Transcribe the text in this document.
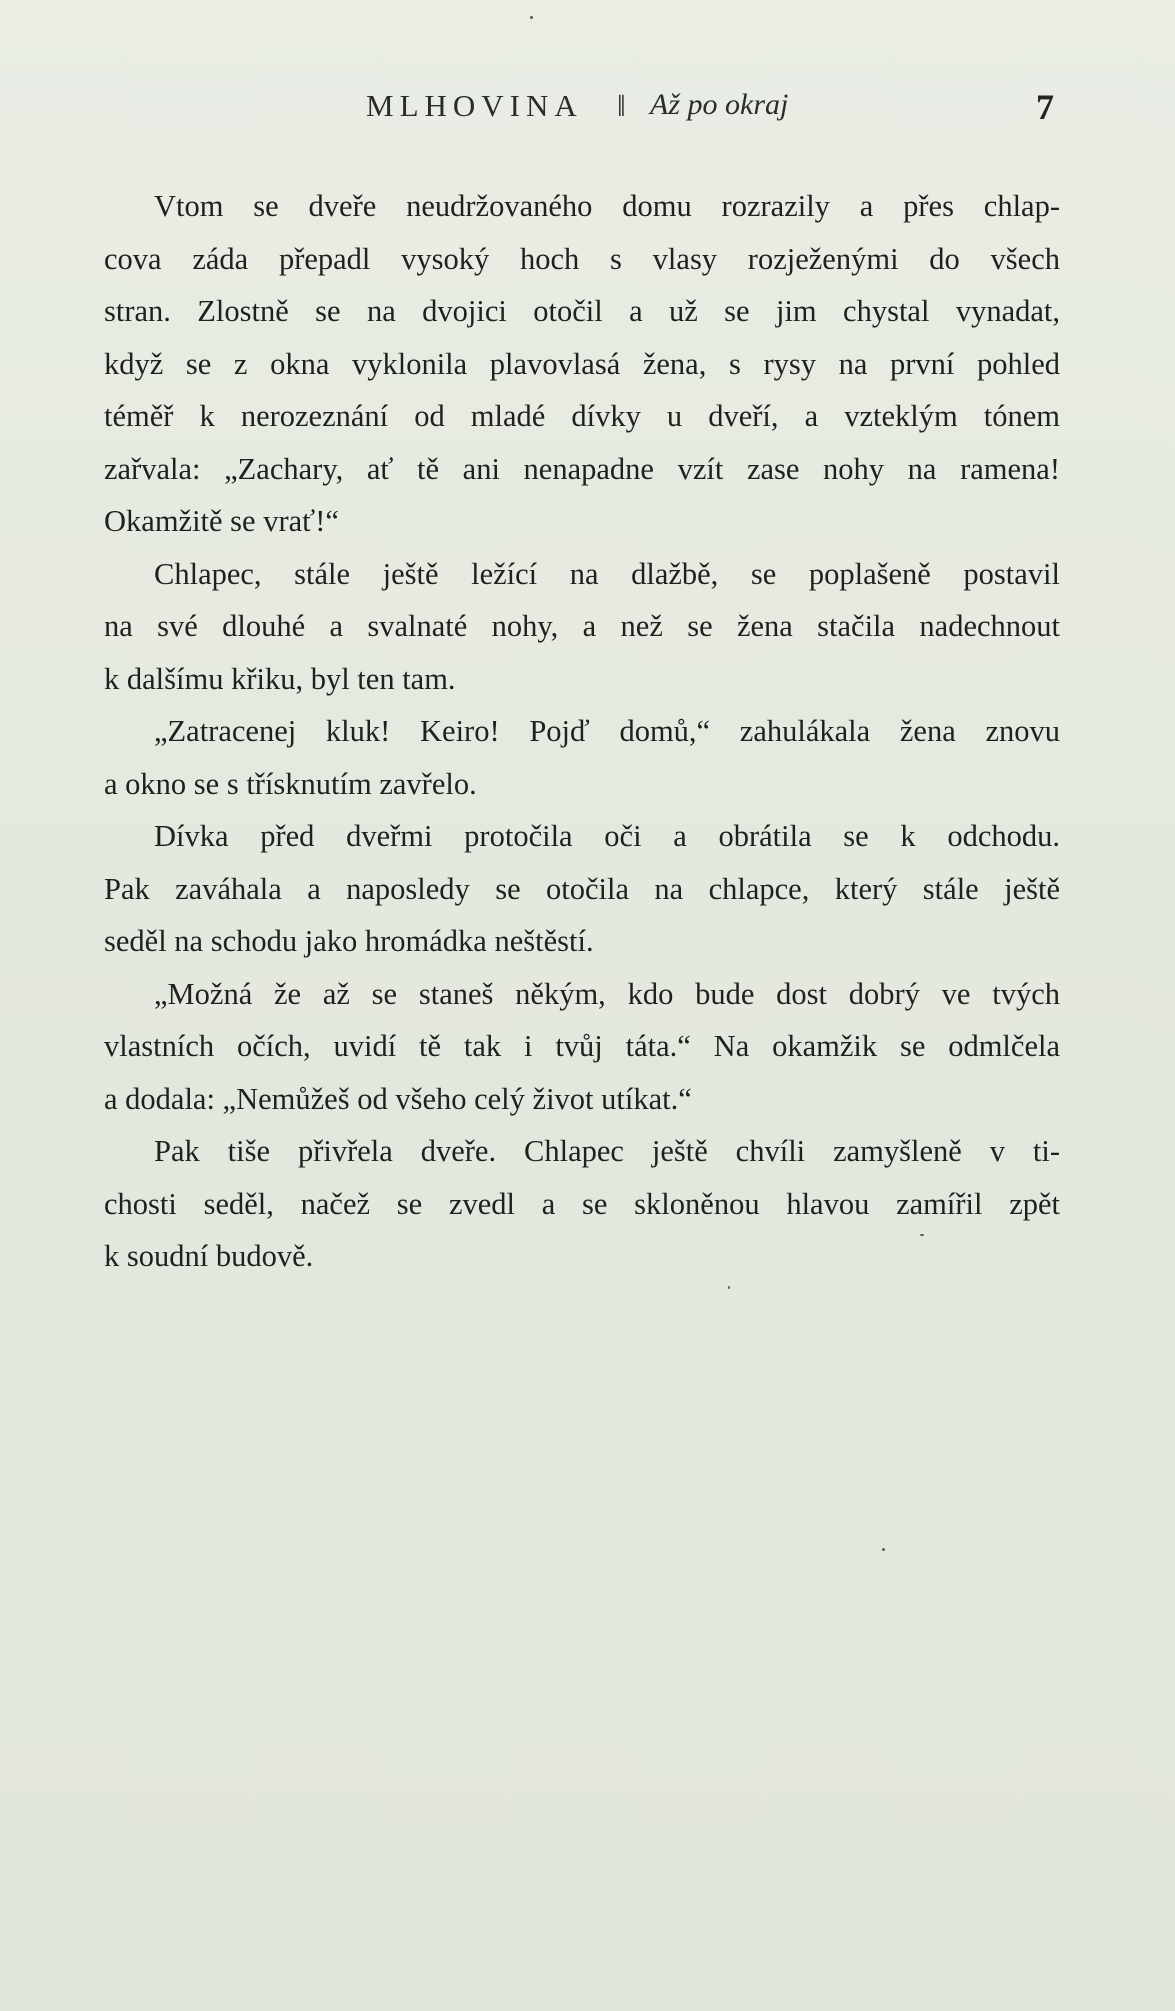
MLHOVINA ‖ Až po okraj	7
Vtom se dveře neudržovaného domu rozrazily a přes chlap-
cova záda přepadl vysoký hoch s vlasy rozježenými do všech
stran. Zlostně se na dvojici otočil a už se jim chystal vynadat,
když se z okna vyklonila plavovlasá žena, s rysy na první pohled
téměř k nerozeznání od mladé dívky u dveří, a vzteklým tónem
zařvala: „Zachary, ať tě ani nenapadne vzít zase nohy na ramena!
Okamžitě se vrať!“
Chlapec, stále ještě ležící na dlažbě, se poplašeně postavil
na své dlouhé a svalnaté nohy, a než se žena stačila nadechnout
k dalšímu křiku, byl ten tam.
„Zatracenej kluk! Keiro! Pojď domů,“ zahulákala žena znovu
a okno se s třísknutím zavřelo.
Dívka před dveřmi protočila oči a obrátila se k odchodu.
Pak zaváhala a naposledy se otočila na chlapce, který stále ještě
seděl na schodu jako hromádka neštěstí.
„Možná že až se staneš někým, kdo bude dost dobrý ve tvých
vlastních očích, uvidí tě tak i tvůj táta.“ Na okamžik se odmlčela
a dodala: „Nemůžeš od všeho celý život utíkat.“
Pak tiše přivřela dveře. Chlapec ještě chvíli zamyšleně v ti-
chosti seděl, načež se zvedl a se skloněnou hlavou zamířil zpět
k soudní budově.
